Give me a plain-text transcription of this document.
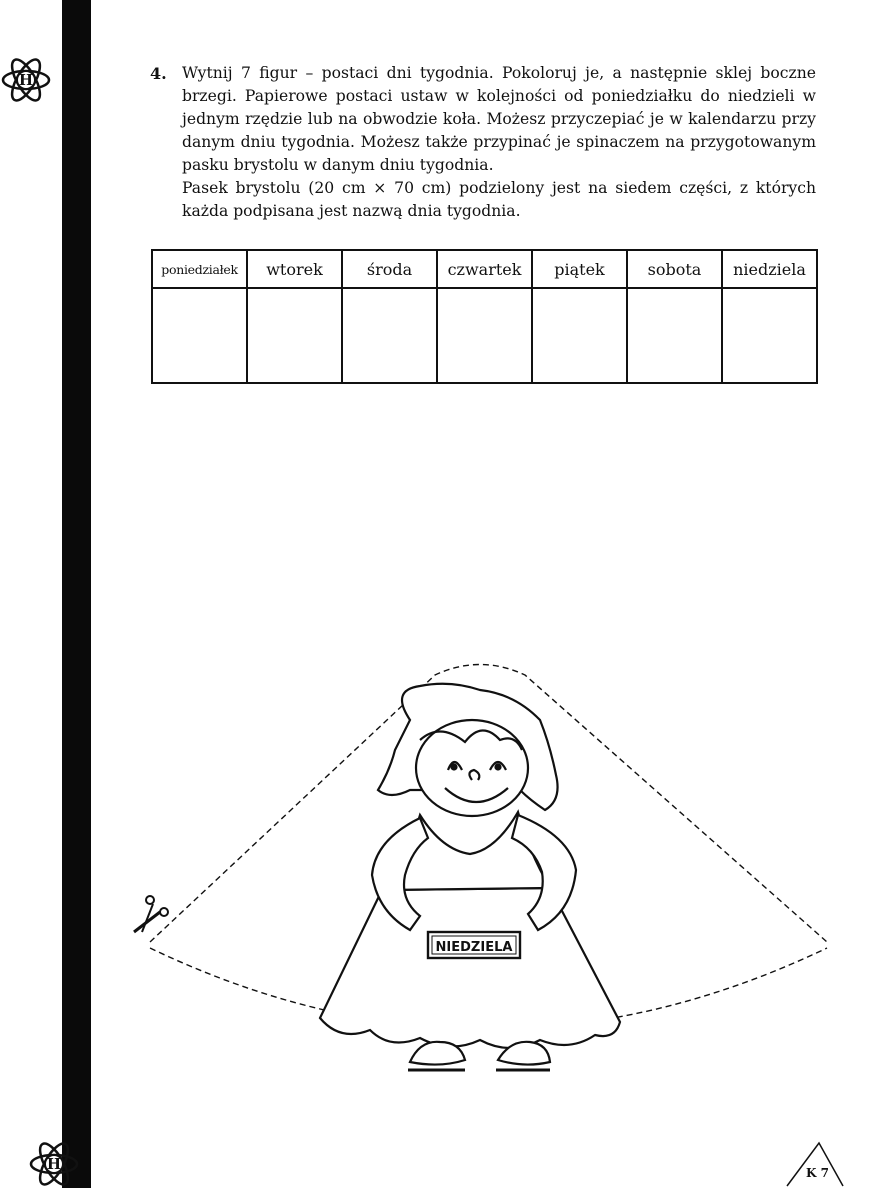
H
H
4. Wytnij 7 figur – postaci dni tygodnia. Pokoloruj je, a następnie sklej boczne brzegi. Papierowe postaci ustaw w kolejności od poniedziałku do niedzieli w jednym rzędzie lub na obwodzie koła. Możesz przyczepiać je w kalendarzu przy danym dniu tygodnia. Możesz także przypinać je spinaczem na przygotowanym pasku brystolu w danym dniu tygodnia.

Pasek brystolu (20 cm × 70 cm) podzielony jest na siedem części, z których każda podpisana jest nazwą dnia tygodnia.

poniedziałek	wtorek	środa	czwartek	piątek	sobota	niedziela

NIEDZIELA
K 7
